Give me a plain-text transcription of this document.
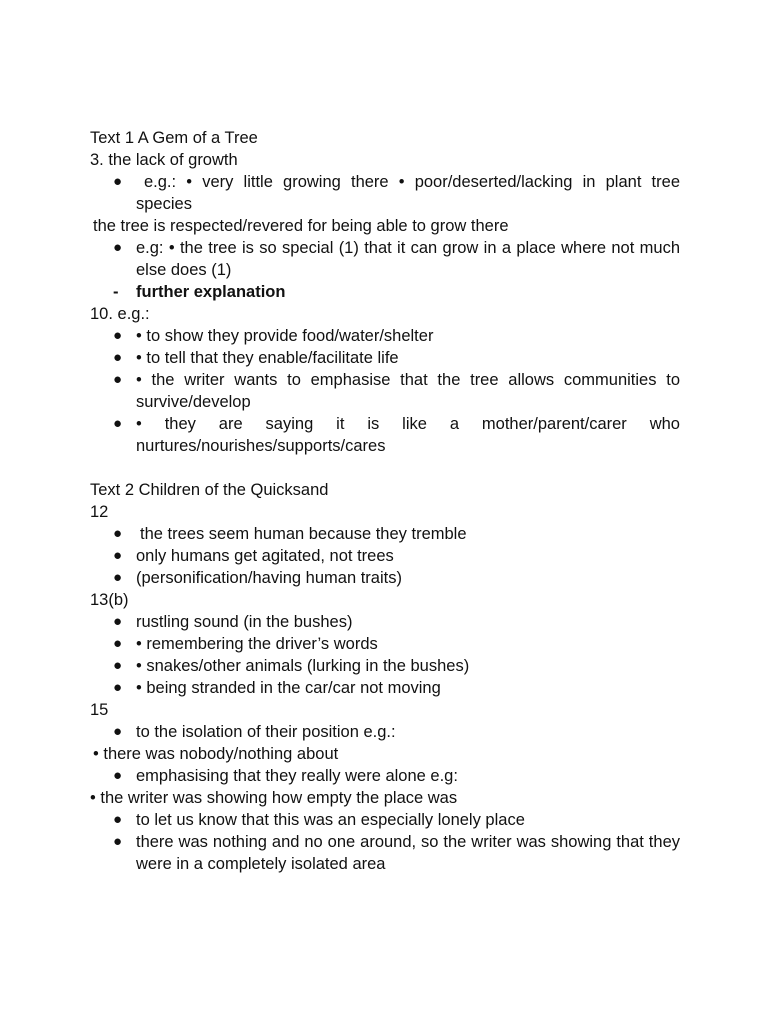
Text 1 A Gem of a Tree

3. the lack of growth

●	e.g.: • very little growing there • poor/deserted/lacking in plant tree species

the tree is respected/revered for being able to grow there

● e.g: • the tree is so special (1) that it can grow in a place where not much else does (1)
-	further explanation

10. e.g.:

● • to show they provide food/water/shelter
● • to tell that they enable/facilitate life
● • the writer wants to emphasise that the tree allows communities to survive/develop
● • they are saying it is like a mother/parent/carer who nurtures/nourishes/supports/cares

Text 2 Children of the Quicksand

12

●	the trees seem human because they tremble
● only humans get agitated, not trees
● (personification/having human traits)

13(b)

● rustling sound (in the bushes)
● • remembering the driver’s words
● • snakes/other animals (lurking in the bushes)
● • being stranded in the car/car not moving

15

● to the isolation of their position e.g.:

• there was nobody/nothing about

● emphasising that they really were alone e.g:

• the writer was showing how empty the place was

● to let us know that this was an especially lonely place
● there was nothing and no one around, so the writer was showing that they were in a completely isolated area
